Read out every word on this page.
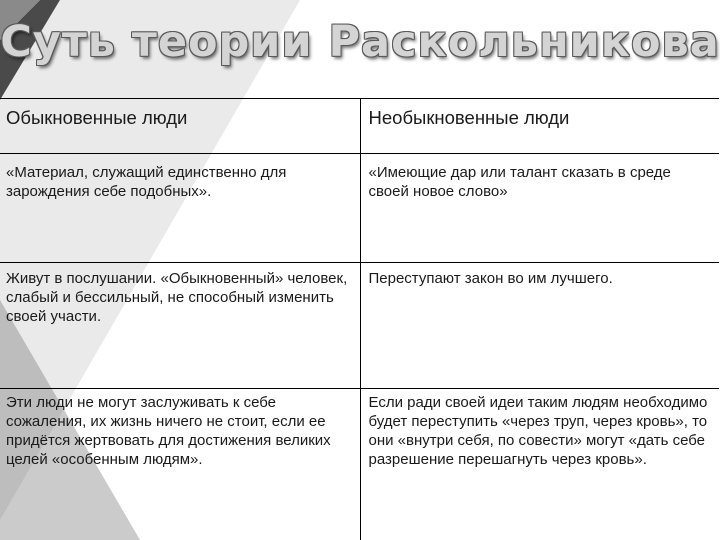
Суть теории Раскольникова
Обыкновенные люди	Необыкновенные люди
«Материал, служащий единственно для зарождения себе подобных».	«Имеющие дар или талант сказать в среде своей новое слово»
Живут в послушании. «Обыкновенный» человек, слабый и бессильный, не способный изменить своей участи.	Переступают закон во им лучшего.
Эти люди не могут заслуживать к себе сожаления, их жизнь ничего не стоит, если ее придётся жертвовать для достижения великих целей «особенным людям».	Если ради своей идеи таким людям необходимо будет переступить «через труп, через кровь», то они «внутри себя, по совести» могут «дать себе разрешение перешагнуть через кровь».
